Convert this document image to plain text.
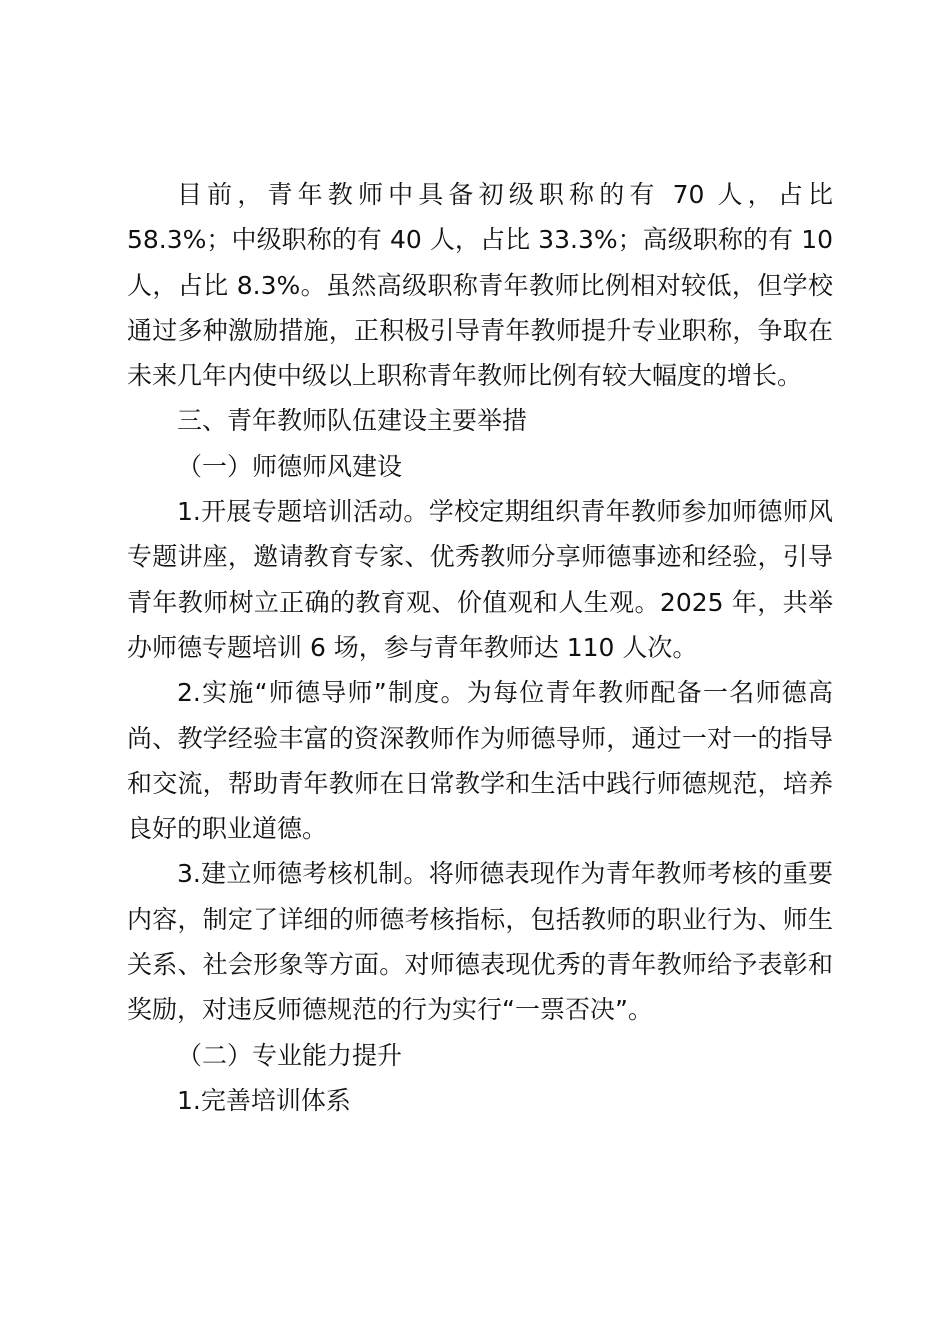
目前，青年教师中具备初级职称的有 70 人，占比 58.3%；中级职称的有 40 人，占比 33.3%；高级职称的有 10 人，占比 8.3%。虽然高级职称青年教师比例相对较低，但学校通过多种激励措施，正积极引导青年教师提升专业职称，争取在未来几年内使中级以上职称青年教师比例有较大幅度的增长。

三、青年教师队伍建设主要举措

（一）师德师风建设

1.开展专题培训活动。学校定期组织青年教师参加师德师风专题讲座，邀请教育专家、优秀教师分享师德事迹和经验，引导青年教师树立正确的教育观、价值观和人生观。2025 年，共举办师德专题培训 6 场，参与青年教师达 110 人次。

2.实施“师德导师”制度。为每位青年教师配备一名师德高尚、教学经验丰富的资深教师作为师德导师，通过一对一的指导和交流，帮助青年教师在日常教学和生活中践行师德规范，培养良好的职业道德。

3.建立师德考核机制。将师德表现作为青年教师考核的重要内容，制定了详细的师德考核指标，包括教师的职业行为、师生关系、社会形象等方面。对师德表现优秀的青年教师给予表彰和奖励，对违反师德规范的行为实行“一票否决”。

（二）专业能力提升

1.完善培训体系
